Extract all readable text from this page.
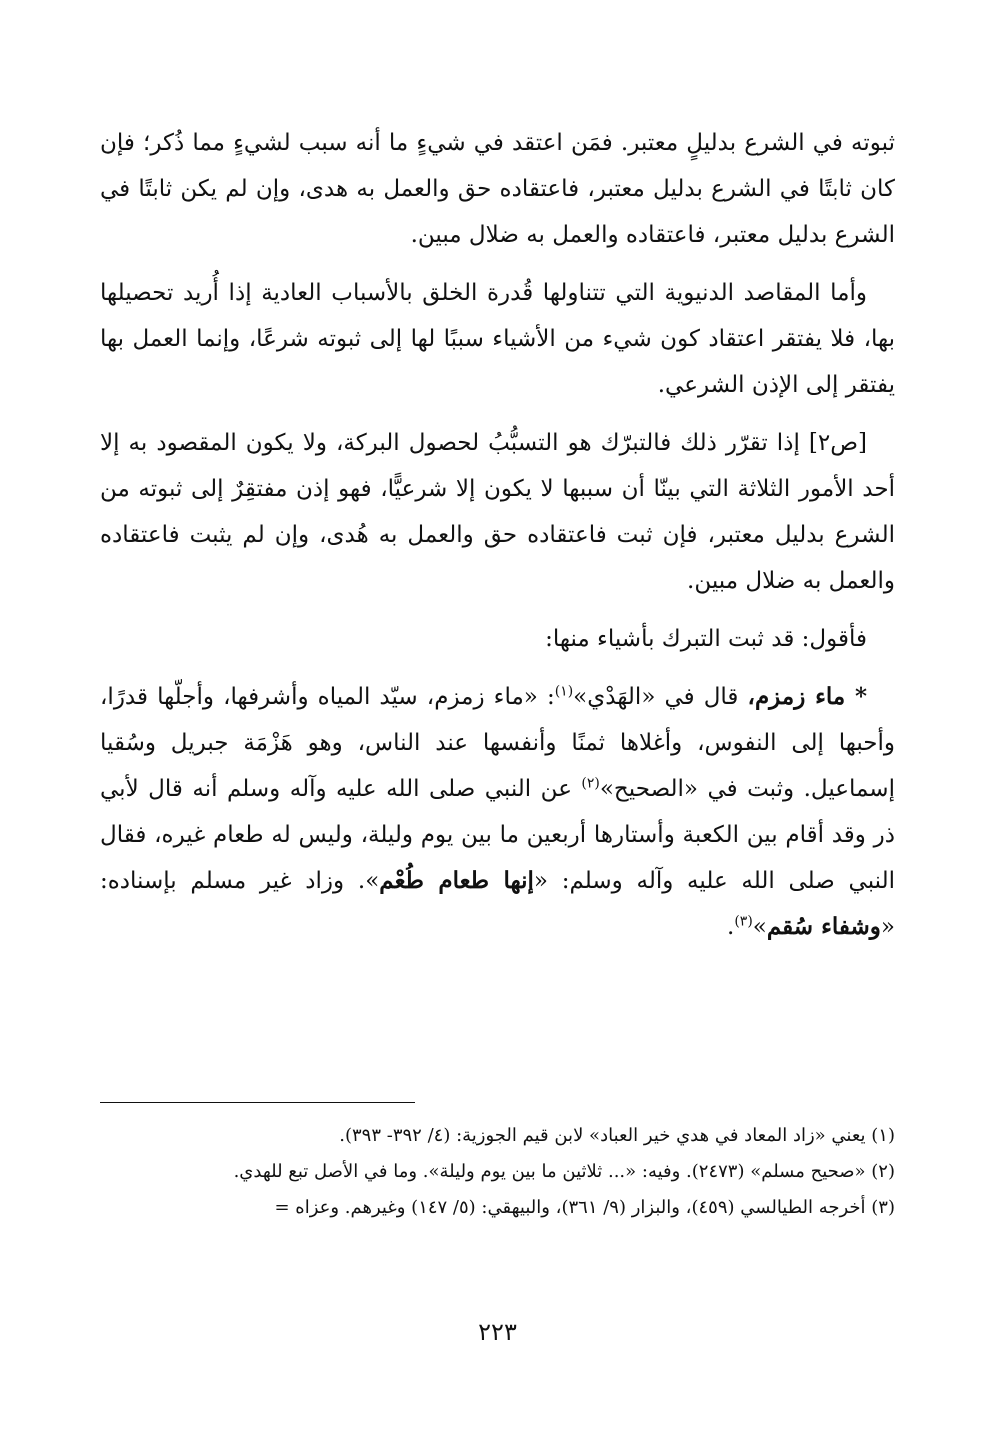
ثبوته في الشرع بدليلٍ معتبر. فمَن اعتقد في شيءٍ ما أنه سبب لشيءٍ مما ذُكر؛ فإن كان ثابتًا في الشرع بدليل معتبر، فاعتقاده حق والعمل به هدى، وإن لم يكن ثابتًا في الشرع بدليل معتبر، فاعتقاده والعمل به ضلال مبين.

وأما المقاصد الدنيوية التي تتناولها قُدرة الخلق بالأسباب العادية إذا أُريد تحصيلها بها، فلا يفتقر اعتقاد كون شيء من الأشياء سببًا لها إلى ثبوته شرعًا، وإنما العمل بها يفتقر إلى الإذن الشرعي.

[ص٢] إذا تقرّر ذلك فالتبرّك هو التسبُّبُ لحصول البركة، ولا يكون المقصود به إلا أحد الأمور الثلاثة التي بينّا أن سببها لا يكون إلا شرعيًّا، فهو إذن مفتقِرٌ إلى ثبوته من الشرع بدليل معتبر، فإن ثبت فاعتقاده حق والعمل به هُدى، وإن لم يثبت فاعتقاده والعمل به ضلال مبين.

فأقول: قد ثبت التبرك بأشياء منها:

* ماء زمزم، قال في «الهَدْي»$^{(١)}$: «ماء زمزم، سيّد المياه وأشرفها، وأجلّها قدرًا، وأحبها إلى النفوس، وأغلاها ثمنًا وأنفسها عند الناس، وهو هَزْمَة جبريل وسُقيا إسماعيل. وثبت في «الصحيح»$^{(٢)}$ عن النبي صلى الله عليه وآله وسلم أنه قال لأبي ذر وقد أقام بين الكعبة وأستارها أربعين ما بين يوم وليلة، وليس له طعام غيره، فقال النبي صلى الله عليه وآله وسلم: «إنها طعام طُعْم». وزاد غير مسلم بإسناده: «وشفاء سُقم»$^{(٣)}$.

(١) يعني «زاد المعاد في هدي خير العباد» لابن قيم الجوزية: (٤/ ٣٩٢- ٣٩٣).

(٢) «صحيح مسلم» (٢٤٧٣). وفيه: «... ثلاثين ما بين يوم وليلة». وما في الأصل تبع للهدي.

(٣) أخرجه الطيالسي (٤٥٩)، والبزار (٩/ ٣٦١)، والبيهقي: (٥/ ١٤٧) وغيرهم. وعزاه =

٢٢٣
